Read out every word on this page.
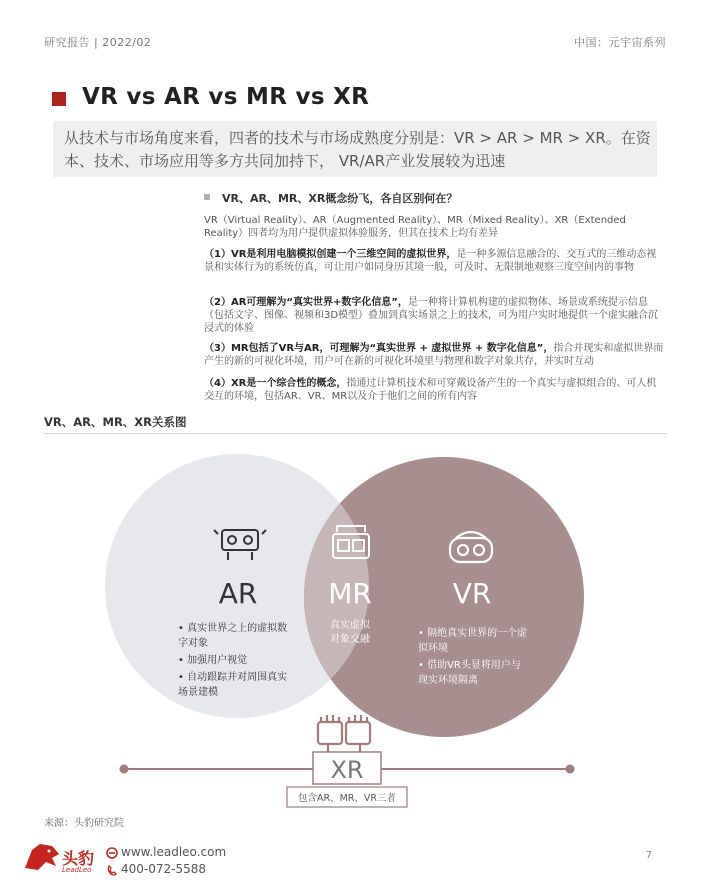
研究报告 | 2022/02	中国：元宇宙系列
VR vs AR vs MR vs XR
从技术与市场角度来看，四者的技术与市场成熟度分别是：VR > AR > MR > XR。在资本、技术、市场应用等多方共同加持下， VR/AR产业发展较为迅速
VR、AR、MR、XR概念纷飞，各自区别何在？
VR（Virtual Reality）、AR（Augmented Reality）、MR（Mixed Reality）、XR（Extended Reality）四者均为用户提供虚拟体验服务，但其在技术上均有差异
（1）VR是利用电脑模拟创建一个三维空间的虚拟世界，是一种多源信息融合的、交互式的三维动态视景和实体行为的系统仿真，可让用户如同身历其境一般，可及时、无限制地观察三度空间内的事物
（2）AR可理解为“真实世界+数字化信息”，是一种将计算机构建的虚拟物体、场景或系统提示信息（包括文字、图像、视频和3D模型）叠加到真实场景之上的技术，可为用户实时地提供一个虚实融合沉浸式的体验
（3）MR包括了VR与AR，可理解为“真实世界 + 虚拟世界 + 数字化信息”，指合并现实和虚拟世界而产生的新的可视化环境，用户可在新的可视化环境里与物理和数字对象共存，并实时互动
（4）XR是一个综合性的概念，指通过计算机技术和可穿戴设备产生的一个真实与虚拟组合的、可人机交互的环境，包括AR、VR、MR以及介于他们之间的所有内容
VR、AR、MR、XR关系图
AR	MR	VR
真实虚拟
对象交融
• 真实世界之上的虚拟数
字对象
• 加强用户视觉
• 自动跟踪并对周围真实
场景建模
• 隔绝真实世界的一个虚
拟环境
• 借助VR头显将用户与
现实环境隔离
XR
包含AR、MR、VR三者
来源：头豹研究院
头豹
LeadLeo
www.leadleo.com
400-072-5588
7
